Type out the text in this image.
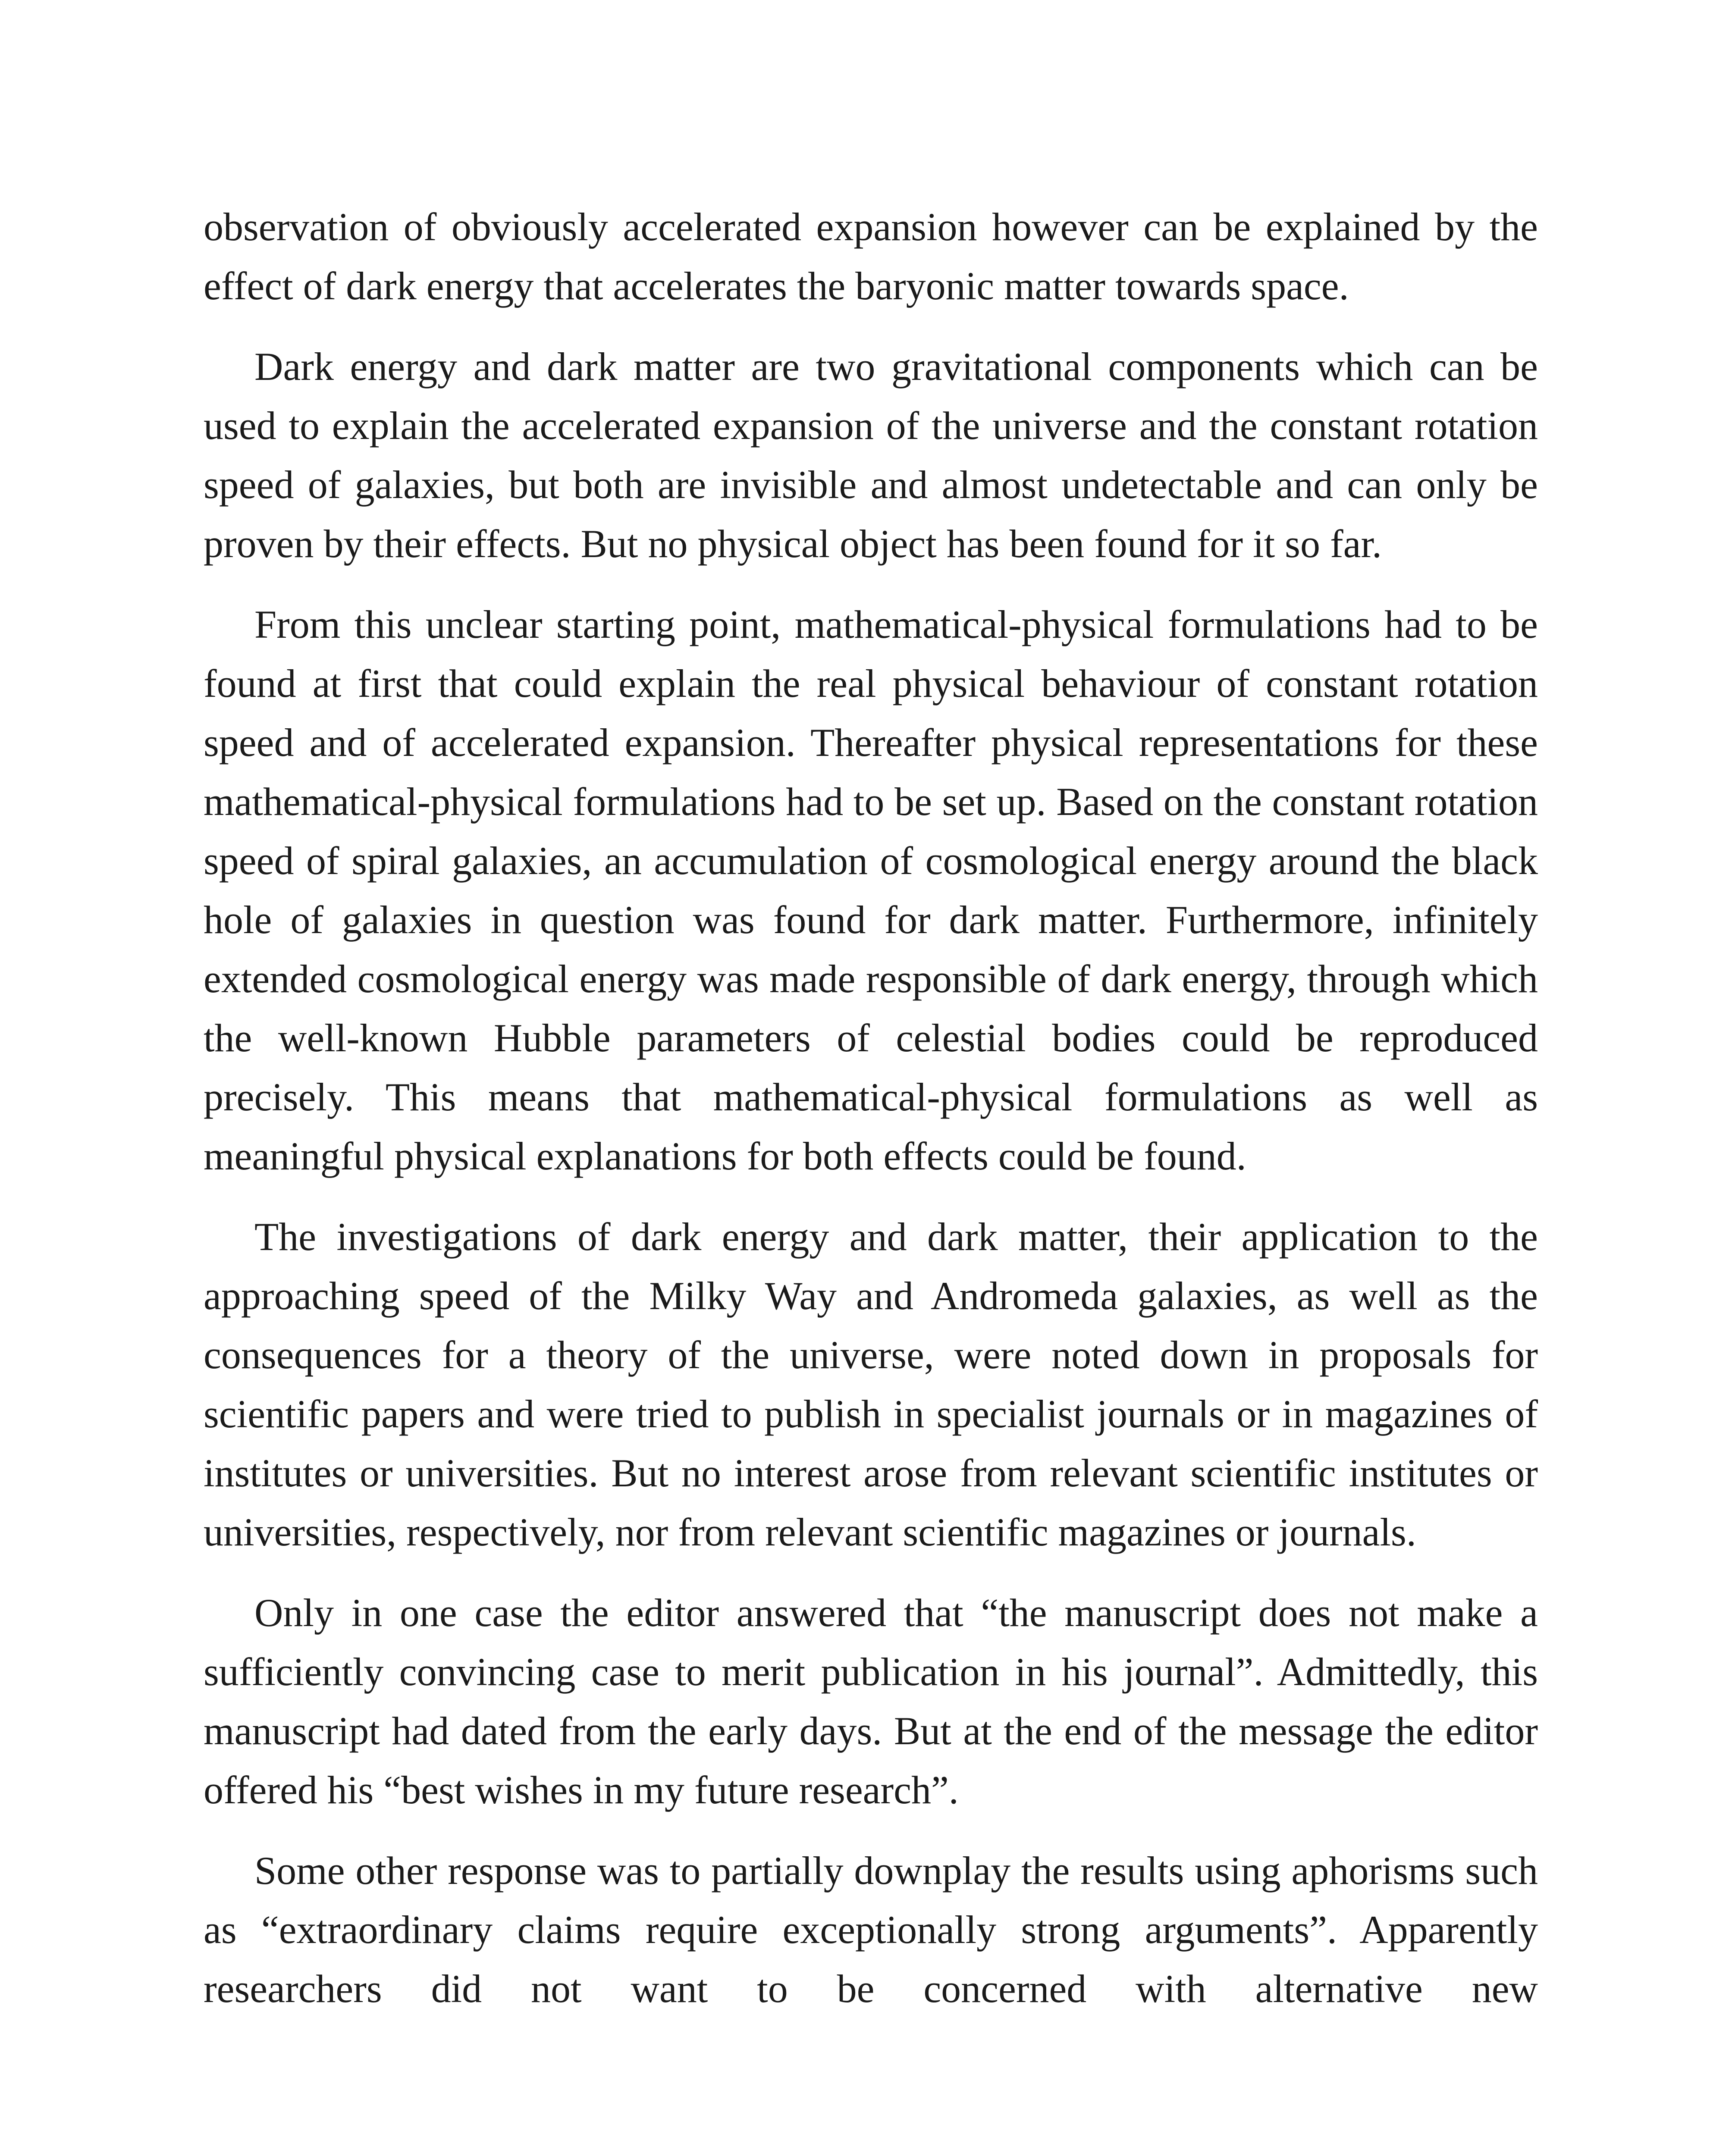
observation of obviously accelerated expansion however can be explained by the effect of dark energy that accelerates the baryonic matter towards space.

Dark energy and dark matter are two gravitational components which can be used to explain the accelerated expansion of the universe and the constant rotation speed of galaxies, but both are invisible and almost undetectable and can only be proven by their effects. But no physical object has been found for it so far.

From this unclear starting point, mathematical-physical formulations had to be found at first that could explain the real physical behaviour of constant rotation speed and of accelerated expansion. Thereafter physical representations for these mathematical-physical formulations had to be set up. Based on the constant rotation speed of spiral galaxies, an accumulation of cosmological energy around the black hole of galaxies in question was found for dark matter. Furthermore, infinitely extended cosmological energy was made responsible of dark energy, through which the well-known Hubble parameters of celestial bodies could be reproduced precisely. This means that mathematical-physical formulations as well as meaningful physical explanations for both effects could be found.

The investigations of dark energy and dark matter, their application to the approaching speed of the Milky Way and Andromeda galaxies, as well as the consequences for a theory of the universe, were noted down in proposals for scientific papers and were tried to publish in specialist journals or in magazines of institutes or universities. But no interest arose from relevant scientific institutes or universities, respectively, nor from relevant scientific magazines or journals.

Only in one case the editor answered that “the manuscript does not make a sufficiently convincing case to merit publication in his journal”. Admittedly, this manuscript had dated from the early days. But at the end of the message the editor offered his “best wishes in my future research”.

Some other response was to partially downplay the results using aphorisms such as “extraordinary claims require exceptionally strong arguments”. Apparently researchers did not want to be concerned with alternative new
